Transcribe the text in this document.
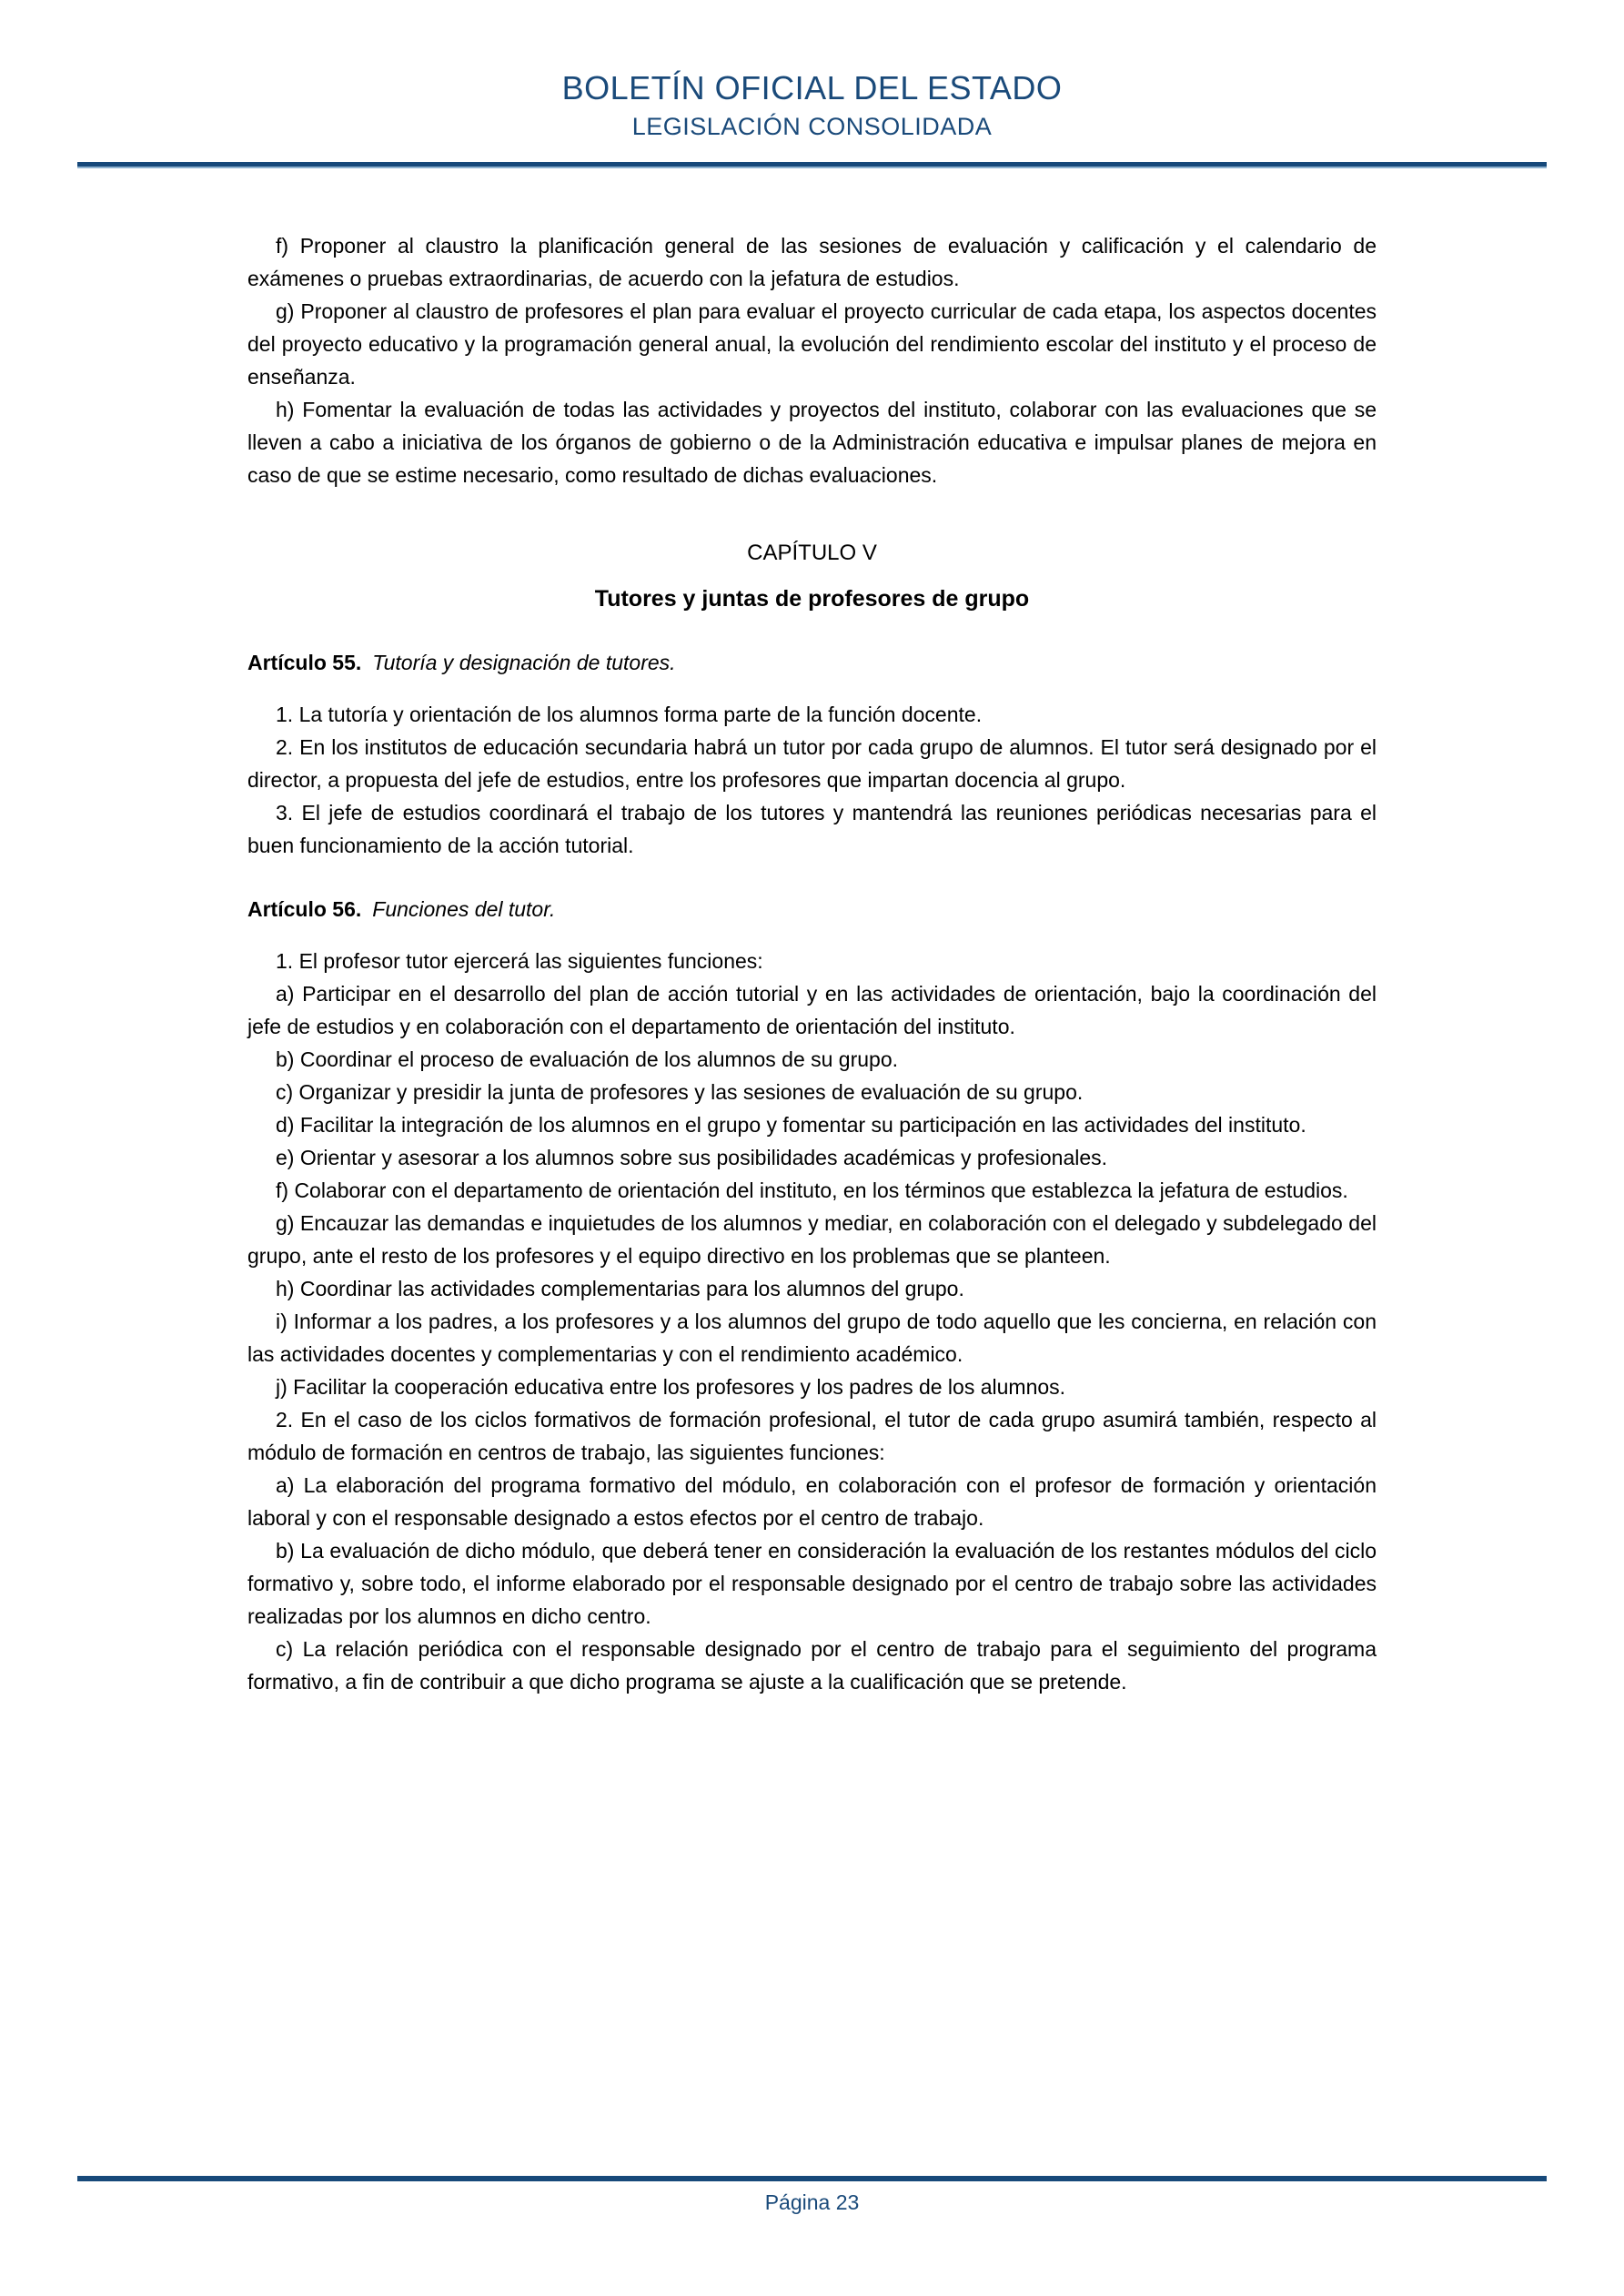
BOLETÍN OFICIAL DEL ESTADO
LEGISLACIÓN CONSOLIDADA

f) Proponer al claustro la planificación general de las sesiones de evaluación y calificación y el calendario de exámenes o pruebas extraordinarias, de acuerdo con la jefatura de estudios.

g) Proponer al claustro de profesores el plan para evaluar el proyecto curricular de cada etapa, los aspectos docentes del proyecto educativo y la programación general anual, la evolución del rendimiento escolar del instituto y el proceso de enseñanza.

h) Fomentar la evaluación de todas las actividades y proyectos del instituto, colaborar con las evaluaciones que se lleven a cabo a iniciativa de los órganos de gobierno o de la Administración educativa e impulsar planes de mejora en caso de que se estime necesario, como resultado de dichas evaluaciones.

CAPÍTULO V

Tutores y juntas de profesores de grupo

Artículo 55. Tutoría y designación de tutores.

1. La tutoría y orientación de los alumnos forma parte de la función docente.

2. En los institutos de educación secundaria habrá un tutor por cada grupo de alumnos. El tutor será designado por el director, a propuesta del jefe de estudios, entre los profesores que impartan docencia al grupo.

3. El jefe de estudios coordinará el trabajo de los tutores y mantendrá las reuniones periódicas necesarias para el buen funcionamiento de la acción tutorial.

Artículo 56. Funciones del tutor.

1. El profesor tutor ejercerá las siguientes funciones:

a) Participar en el desarrollo del plan de acción tutorial y en las actividades de orientación, bajo la coordinación del jefe de estudios y en colaboración con el departamento de orientación del instituto.

b) Coordinar el proceso de evaluación de los alumnos de su grupo.

c) Organizar y presidir la junta de profesores y las sesiones de evaluación de su grupo.

d) Facilitar la integración de los alumnos en el grupo y fomentar su participación en las actividades del instituto.

e) Orientar y asesorar a los alumnos sobre sus posibilidades académicas y profesionales.

f) Colaborar con el departamento de orientación del instituto, en los términos que establezca la jefatura de estudios.

g) Encauzar las demandas e inquietudes de los alumnos y mediar, en colaboración con el delegado y subdelegado del grupo, ante el resto de los profesores y el equipo directivo en los problemas que se planteen.

h) Coordinar las actividades complementarias para los alumnos del grupo.

i) Informar a los padres, a los profesores y a los alumnos del grupo de todo aquello que les concierna, en relación con las actividades docentes y complementarias y con el rendimiento académico.

j) Facilitar la cooperación educativa entre los profesores y los padres de los alumnos.

2. En el caso de los ciclos formativos de formación profesional, el tutor de cada grupo asumirá también, respecto al módulo de formación en centros de trabajo, las siguientes funciones:

a) La elaboración del programa formativo del módulo, en colaboración con el profesor de formación y orientación laboral y con el responsable designado a estos efectos por el centro de trabajo.

b) La evaluación de dicho módulo, que deberá tener en consideración la evaluación de los restantes módulos del ciclo formativo y, sobre todo, el informe elaborado por el responsable designado por el centro de trabajo sobre las actividades realizadas por los alumnos en dicho centro.

c) La relación periódica con el responsable designado por el centro de trabajo para el seguimiento del programa formativo, a fin de contribuir a que dicho programa se ajuste a la cualificación que se pretende.

Página 23
